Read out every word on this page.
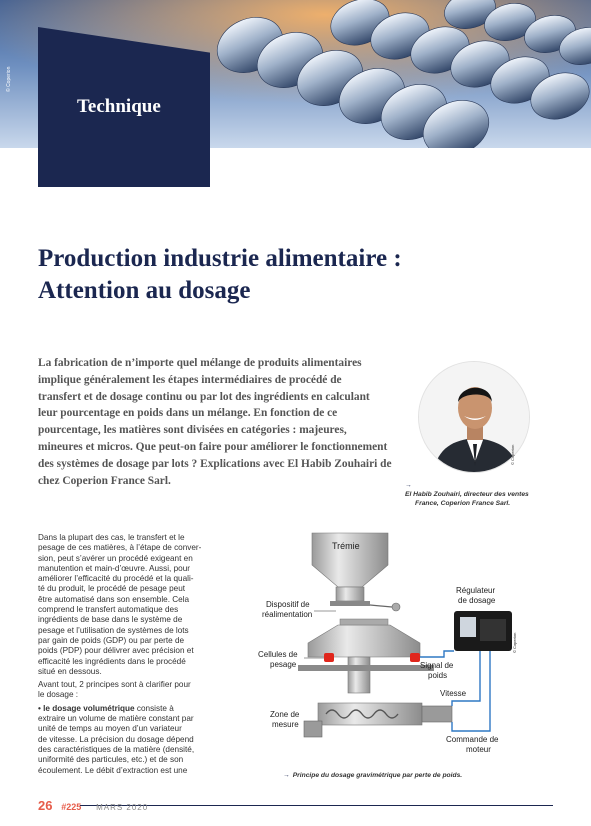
© Coperion
Technique
Production industrie alimentaire :
Attention au dosage
La fabrication de n’importe quel mélange de produits alimentaires
implique généralement les étapes intermédiaires de procédé de
transfert et de dosage continu ou par lot des ingrédients en calculant
leur pourcentage en poids dans un mélange. En fonction de ce
pourcentage, les matières sont divisées en catégories : majeures,
mineures et micros. Que peut-on faire pour améliorer le fonctionnement
des systèmes de dosage par lots ? Explications avec El Habib Zouhairi de
chez Coperion France Sarl.
© Coperion
→
El Habib Zouhairi, directeur des ventes
France, Coperion France Sarl.
Dans la plupart des cas, le transfert et le
pesage de ces matières, à l’étape de conver-
sion, peut s’avérer un procédé exigeant en
manutention et main-d’œuvre. Aussi, pour
améliorer l’efficacité du procédé et la quali-
té du produit, le procédé de pesage peut
être automatisé dans son ensemble. Cela
comprend le transfert automatique des
ingrédients de base dans le système de
pesage et l’utilisation de systèmes de lots
par gain de poids (GDP) ou par perte de
poids (PDP) pour délivrer avec précision et
efficacité les ingrédients dans le procédé
situé en dessous.
Avant tout, 2 principes sont à clarifier pour
le dosage :
• le dosage volumétrique consiste à
extraire un volume de matière constant par
unité de temps au moyen d’un variateur
de vitesse. La précision du dosage dépend
des caractéristiques de la matière (densité,
uniformité des particules, etc.) et de son
écoulement. Le débit d’extraction est une
Trémie
Dispositif de
réalimentation
Cellules de
pesage
Zone de
mesure
Régulateur
de dosage
© Coperion
Signal de
poids
Vitesse
Commande de
moteur
→ Principe du dosage gravimétrique par perte de poids.
26 #225 MARS 2020
